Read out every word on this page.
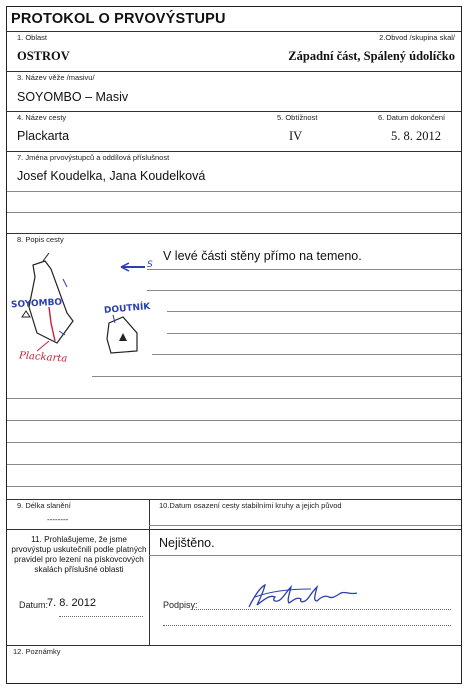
PROTOKOL O PRVOVÝSTUPU
1. Oblast	2.Obvod /skupina skal/
OSTROV	Západní část, Spálený údolíčko
3. Název věže /masivu/
SOYOMBO – Masiv
4. Název cesty	5. Obtížnost	6. Datum dokončení
Plackarta	IV	5. 8. 2012
7. Jména prvovýstupců a oddílová příslušnost
Josef Koudelka, Jana Koudelková
8. Popis cesty
V levé části stěny přímo na temeno.
SOYOMBO	DOUTNÍK
Plackarta
S
9. Délka slanění
--------
10.Datum osazení cesty stabilními kruhy a jejich původ
11. Prohlašujeme, že jsme prvovýstup uskutečnili podle platných pravidel pro lezení na pískovcových skalách příslušné oblasti
Nejištěno.
Datum:
7. 8. 2012	Podpisy:
12. Poznámky
